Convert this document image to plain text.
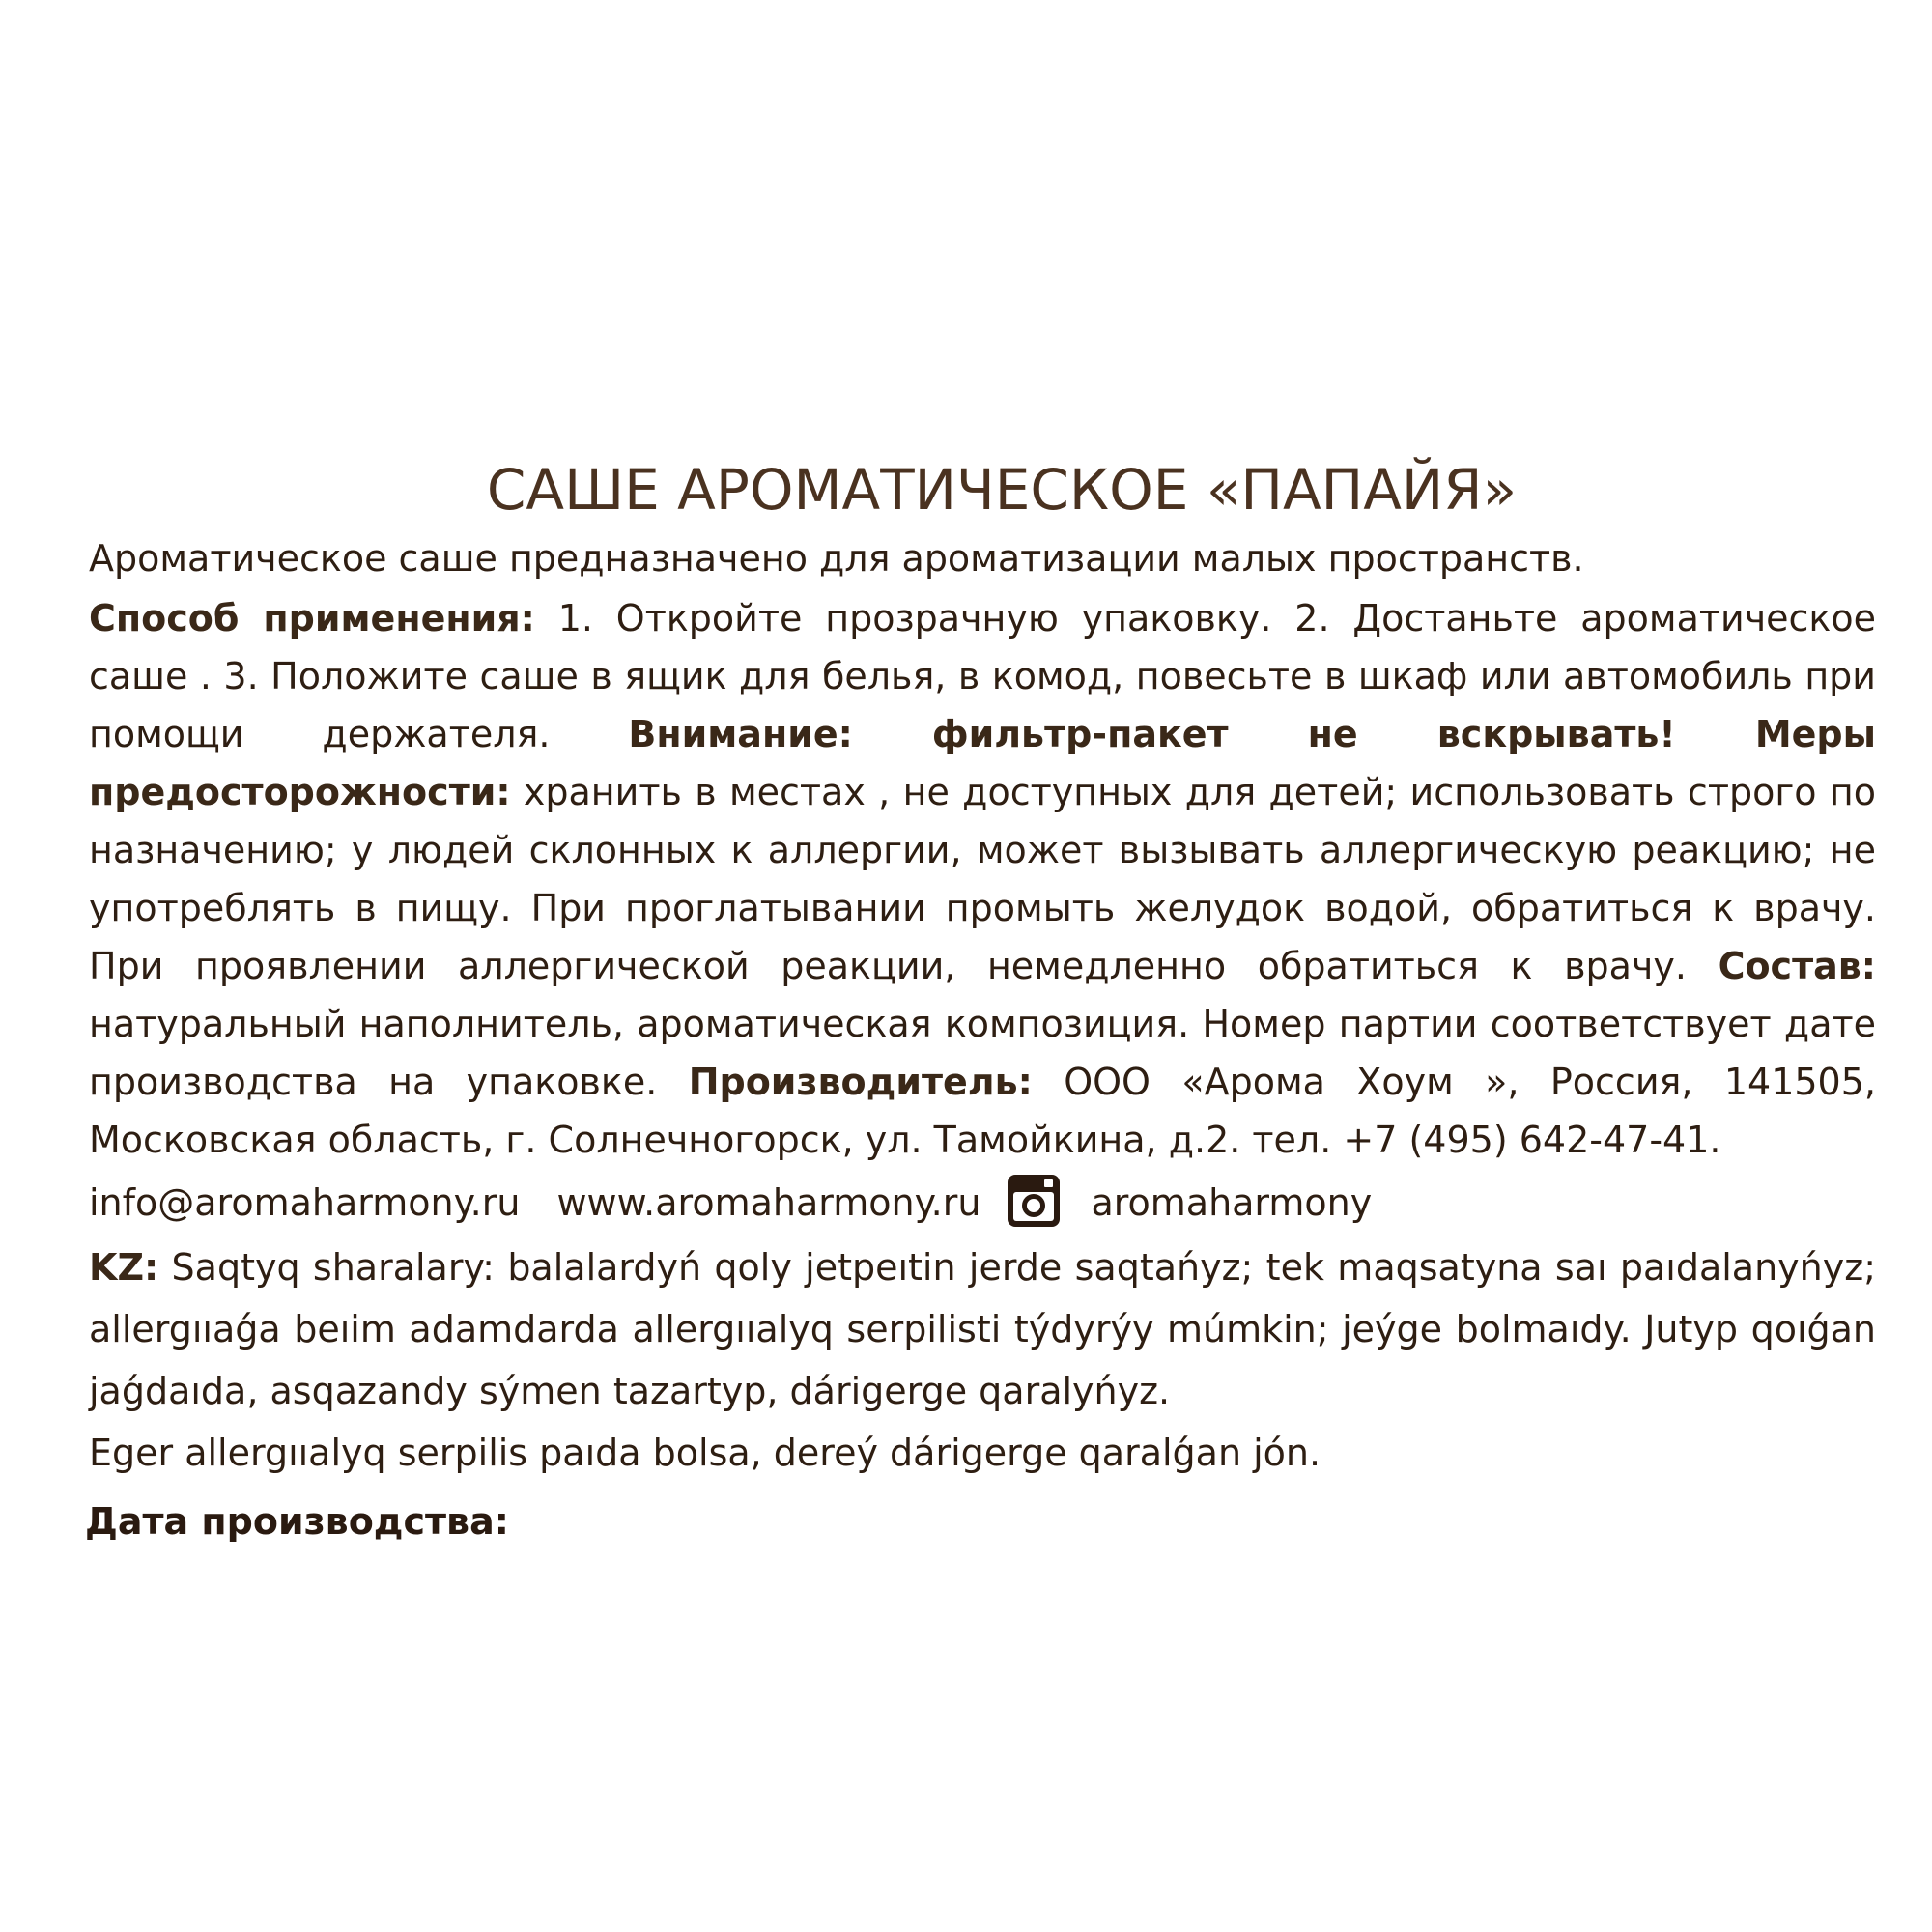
САШЕ АРОМАТИЧЕСКОЕ «ПАПАЙЯ»

Ароматическое саше предназначено для ароматизации малых пространств.

Способ применения: 1. Откройте прозрачную упаковку. 2. Достаньте ароматическое саше . 3. Положите саше в ящик для белья, в комод, повесьте в шкаф или автомобиль при помощи держателя. Внимание: фильтр-пакет не вскрывать! Меры предосторожности: хранить в местах , не доступных для детей; использовать строго по назначению; у людей склонных к аллергии, может вызывать аллергическую реакцию; не употреблять в пищу. При проглатывании промыть желудок водой, обратиться к врачу. При проявлении аллергической реакции, немедленно обратиться к врачу. Состав: натуральный наполнитель, ароматическая композиция. Номер партии соответствует дате производства на упаковке. Производитель: ООО «Арома Хоум », Россия, 141505, Московская область, г. Солнечногорск, ул. Тамойкина, д.2. тел. +7 (495) 642-47-41.

info@aromaharmony.ru www.aromaharmony.ru	aromaharmony

KZ: Saqtyq sharalary: balalardyń qoly jetpeıtin jerde saqtańyz; tek maqsatyna saı paıdalanyńyz; allergııaǵa beıim adamdarda allergııalyq serpilisti týdyrýy múmkin; jeýge bolmaıdy. Jutyp qoıǵan jaǵdaıda, asqazandy sýmen tazartyp, dárigerge qaralyńyz.

Eger allergııalyq serpilis paıda bolsa, dereý dárigerge qaralǵan jón.

Дата производства:
